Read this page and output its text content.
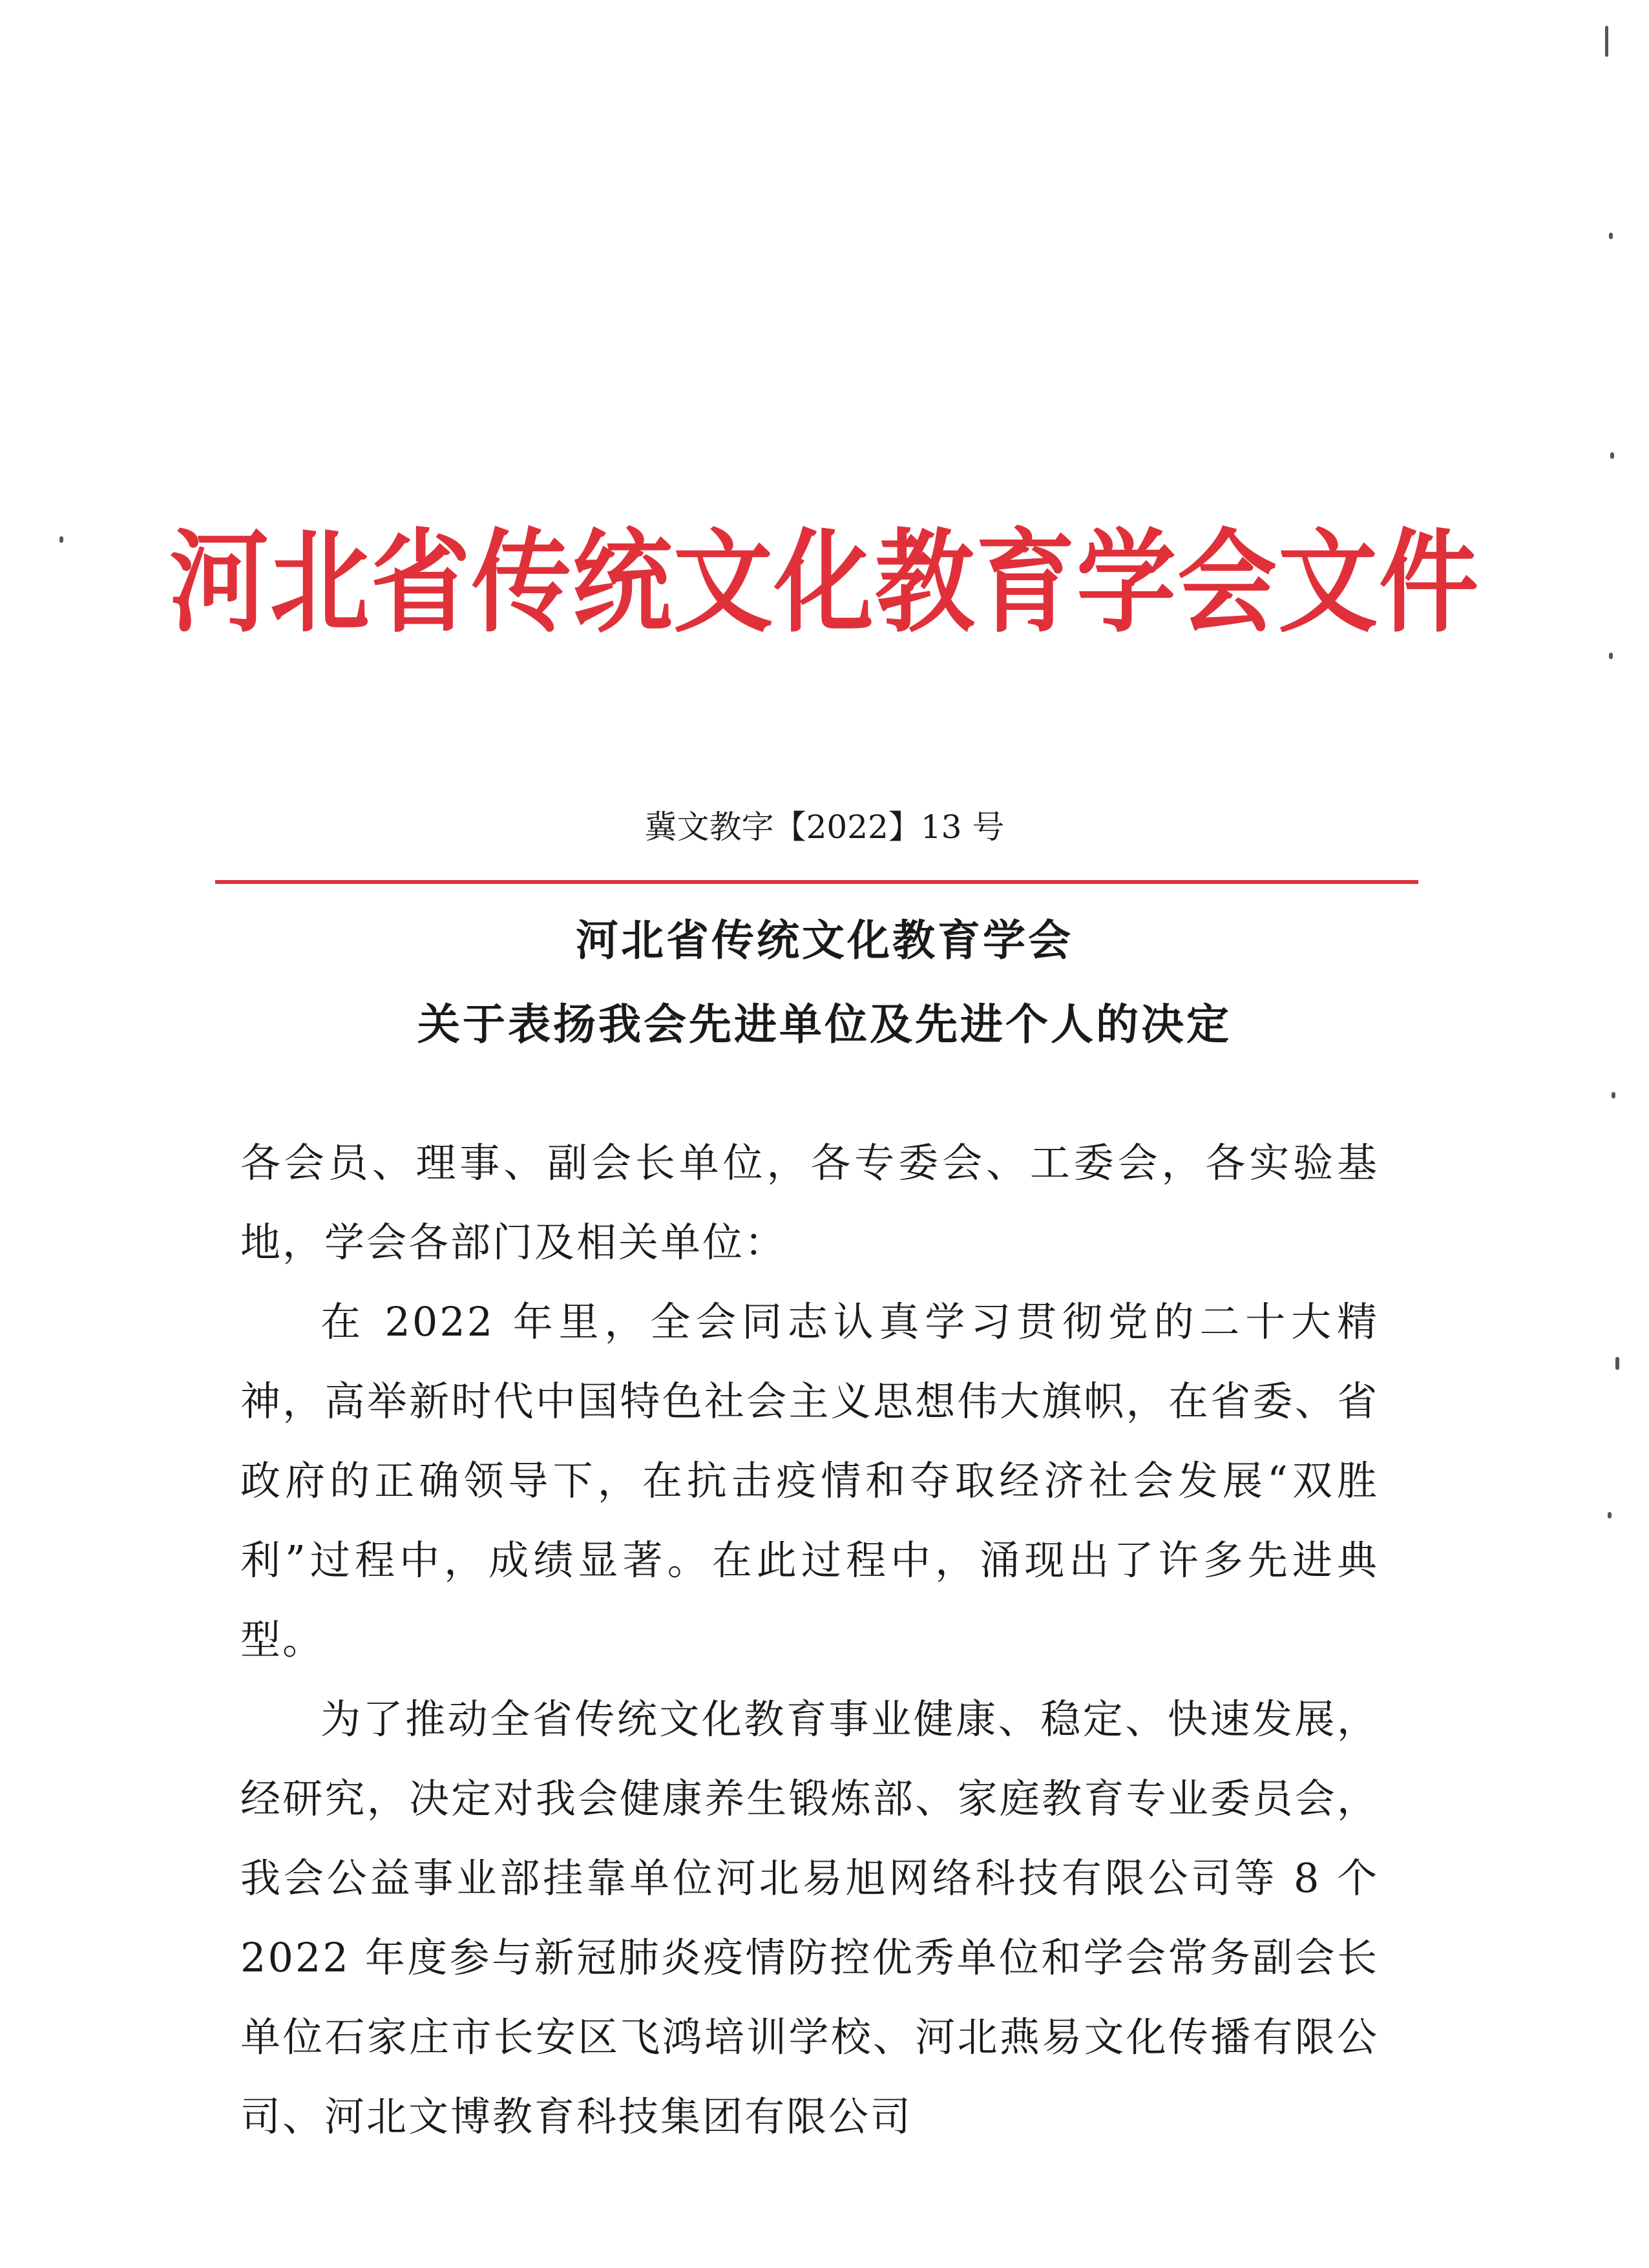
河北省传统文化教育学会文件
冀文教字【2022】13 号
河北省传统文化教育学会
关于表扬我会先进单位及先进个人的决定

各会员、理事、副会长单位，各专委会、工委会，各实验基地，学会各部门及相关单位：

在 2022 年里，全会同志认真学习贯彻党的二十大精神，高举新时代中国特色社会主义思想伟大旗帜，在省委、省政府的正确领导下，在抗击疫情和夺取经济社会发展“双胜利”过程中，成绩显著。在此过程中，涌现出了许多先进典型。

为了推动全省传统文化教育事业健康、稳定、快速发展，经研究，决定对我会健康养生锻炼部、家庭教育专业委员会，我会公益事业部挂靠单位河北易旭网络科技有限公司等 8 个 2022 年度参与新冠肺炎疫情防控优秀单位和学会常务副会长单位石家庄市长安区飞鸿培训学校、河北燕易文化传播有限公司、河北文博教育科技集团有限公司
